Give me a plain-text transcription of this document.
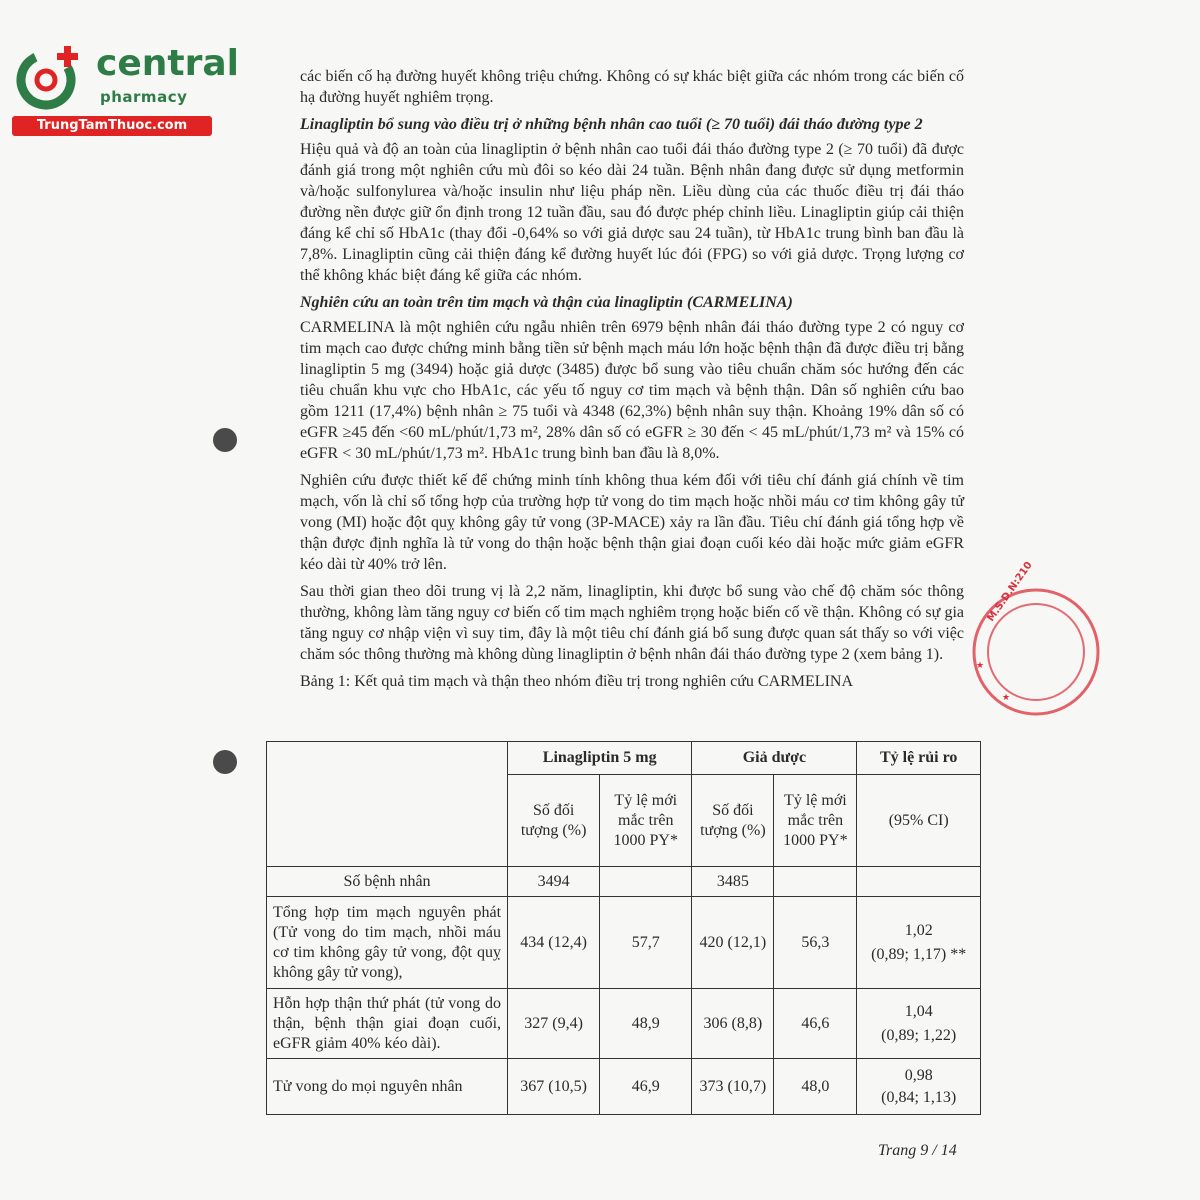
central
pharmacy
TrungTamThuoc.com
M.S.D.N:210
★
★

các biến cố hạ đường huyết không triệu chứng. Không có sự khác biệt giữa các nhóm trong các biến cố hạ đường huyết nghiêm trọng.

Linagliptin bổ sung vào điều trị ở những bệnh nhân cao tuổi (≥ 70 tuổi) đái tháo đường type 2

Hiệu quả và độ an toàn của linagliptin ở bệnh nhân cao tuổi đái tháo đường type 2 (≥ 70 tuổi) đã được đánh giá trong một nghiên cứu mù đôi so kéo dài 24 tuần. Bệnh nhân đang được sử dụng metformin và/hoặc sulfonylurea và/hoặc insulin như liệu pháp nền. Liều dùng của các thuốc điều trị đái tháo đường nền được giữ ổn định trong 12 tuần đầu, sau đó được phép chỉnh liều. Linagliptin giúp cải thiện đáng kể chỉ số HbA1c (thay đổi -0,64% so với giả dược sau 24 tuần), từ HbA1c trung bình ban đầu là 7,8%. Linagliptin cũng cải thiện đáng kể đường huyết lúc đói (FPG) so với giả dược. Trọng lượng cơ thể không khác biệt đáng kể giữa các nhóm.

Nghiên cứu an toàn trên tim mạch và thận của linagliptin (CARMELINA)

CARMELINA là một nghiên cứu ngẫu nhiên trên 6979 bệnh nhân đái tháo đường type 2 có nguy cơ tim mạch cao được chứng minh bằng tiền sử bệnh mạch máu lớn hoặc bệnh thận đã được điều trị bằng linagliptin 5 mg (3494) hoặc giả dược (3485) được bổ sung vào tiêu chuẩn chăm sóc hướng đến các tiêu chuẩn khu vực cho HbA1c, các yếu tố nguy cơ tim mạch và bệnh thận. Dân số nghiên cứu bao gồm 1211 (17,4%) bệnh nhân ≥ 75 tuổi và 4348 (62,3%) bệnh nhân suy thận. Khoảng 19% dân số có eGFR ≥45 đến <60 mL/phút/1,73 m², 28% dân số có eGFR ≥ 30 đến < 45 mL/phút/1,73 m² và 15% có eGFR < 30 mL/phút/1,73 m². HbA1c trung bình ban đầu là 8,0%.

Nghiên cứu được thiết kế để chứng minh tính không thua kém đối với tiêu chí đánh giá chính về tim mạch, vốn là chỉ số tổng hợp của trường hợp tử vong do tim mạch hoặc nhồi máu cơ tim không gây tử vong (MI) hoặc đột quỵ không gây tử vong (3P-MACE) xảy ra lần đầu. Tiêu chí đánh giá tổng hợp về thận được định nghĩa là tử vong do thận hoặc bệnh thận giai đoạn cuối kéo dài hoặc mức giảm eGFR kéo dài từ 40% trở lên.

Sau thời gian theo dõi trung vị là 2,2 năm, linagliptin, khi được bổ sung vào chế độ chăm sóc thông thường, không làm tăng nguy cơ biến cố tim mạch nghiêm trọng hoặc biến cố về thận. Không có sự gia tăng nguy cơ nhập viện vì suy tim, đây là một tiêu chí đánh giá bổ sung được quan sát thấy so với việc chăm sóc thông thường mà không dùng linagliptin ở bệnh nhân đái tháo đường type 2 (xem bảng 1).

Bảng 1: Kết quả tim mạch và thận theo nhóm điều trị trong nghiên cứu CARMELINA

	Linagliptin 5 mg		Giả dược		Tỷ lệ rủi ro
	Số đối tượng (%)	Tỷ lệ mới mắc trên 1000 PY*	Số đối tượng (%)	Tỷ lệ mới mắc trên 1000 PY*	(95% CI)
Số bệnh nhân	3494		3485		
Tổng hợp tim mạch nguyên phát (Tử vong do tim mạch, nhồi máu cơ tim không gây tử vong, đột quỵ không gây tử vong),	434 (12,4)	57,7	420 (12,1)	56,3	1,02
(0,89; 1,17) **

Hỗn hợp thận thứ phát (tử vong do thận, bệnh thận giai đoạn cuối, eGFR giảm 40% kéo dài).	327 (9,4)	48,9	306 (8,8)	46,6	1,04
(0,89; 1,22)

Tử vong do mọi nguyên nhân	367 (10,5)	46,9	373 (10,7)	48,0	0,98
(0,84; 1,13)
Trang 9 / 14
